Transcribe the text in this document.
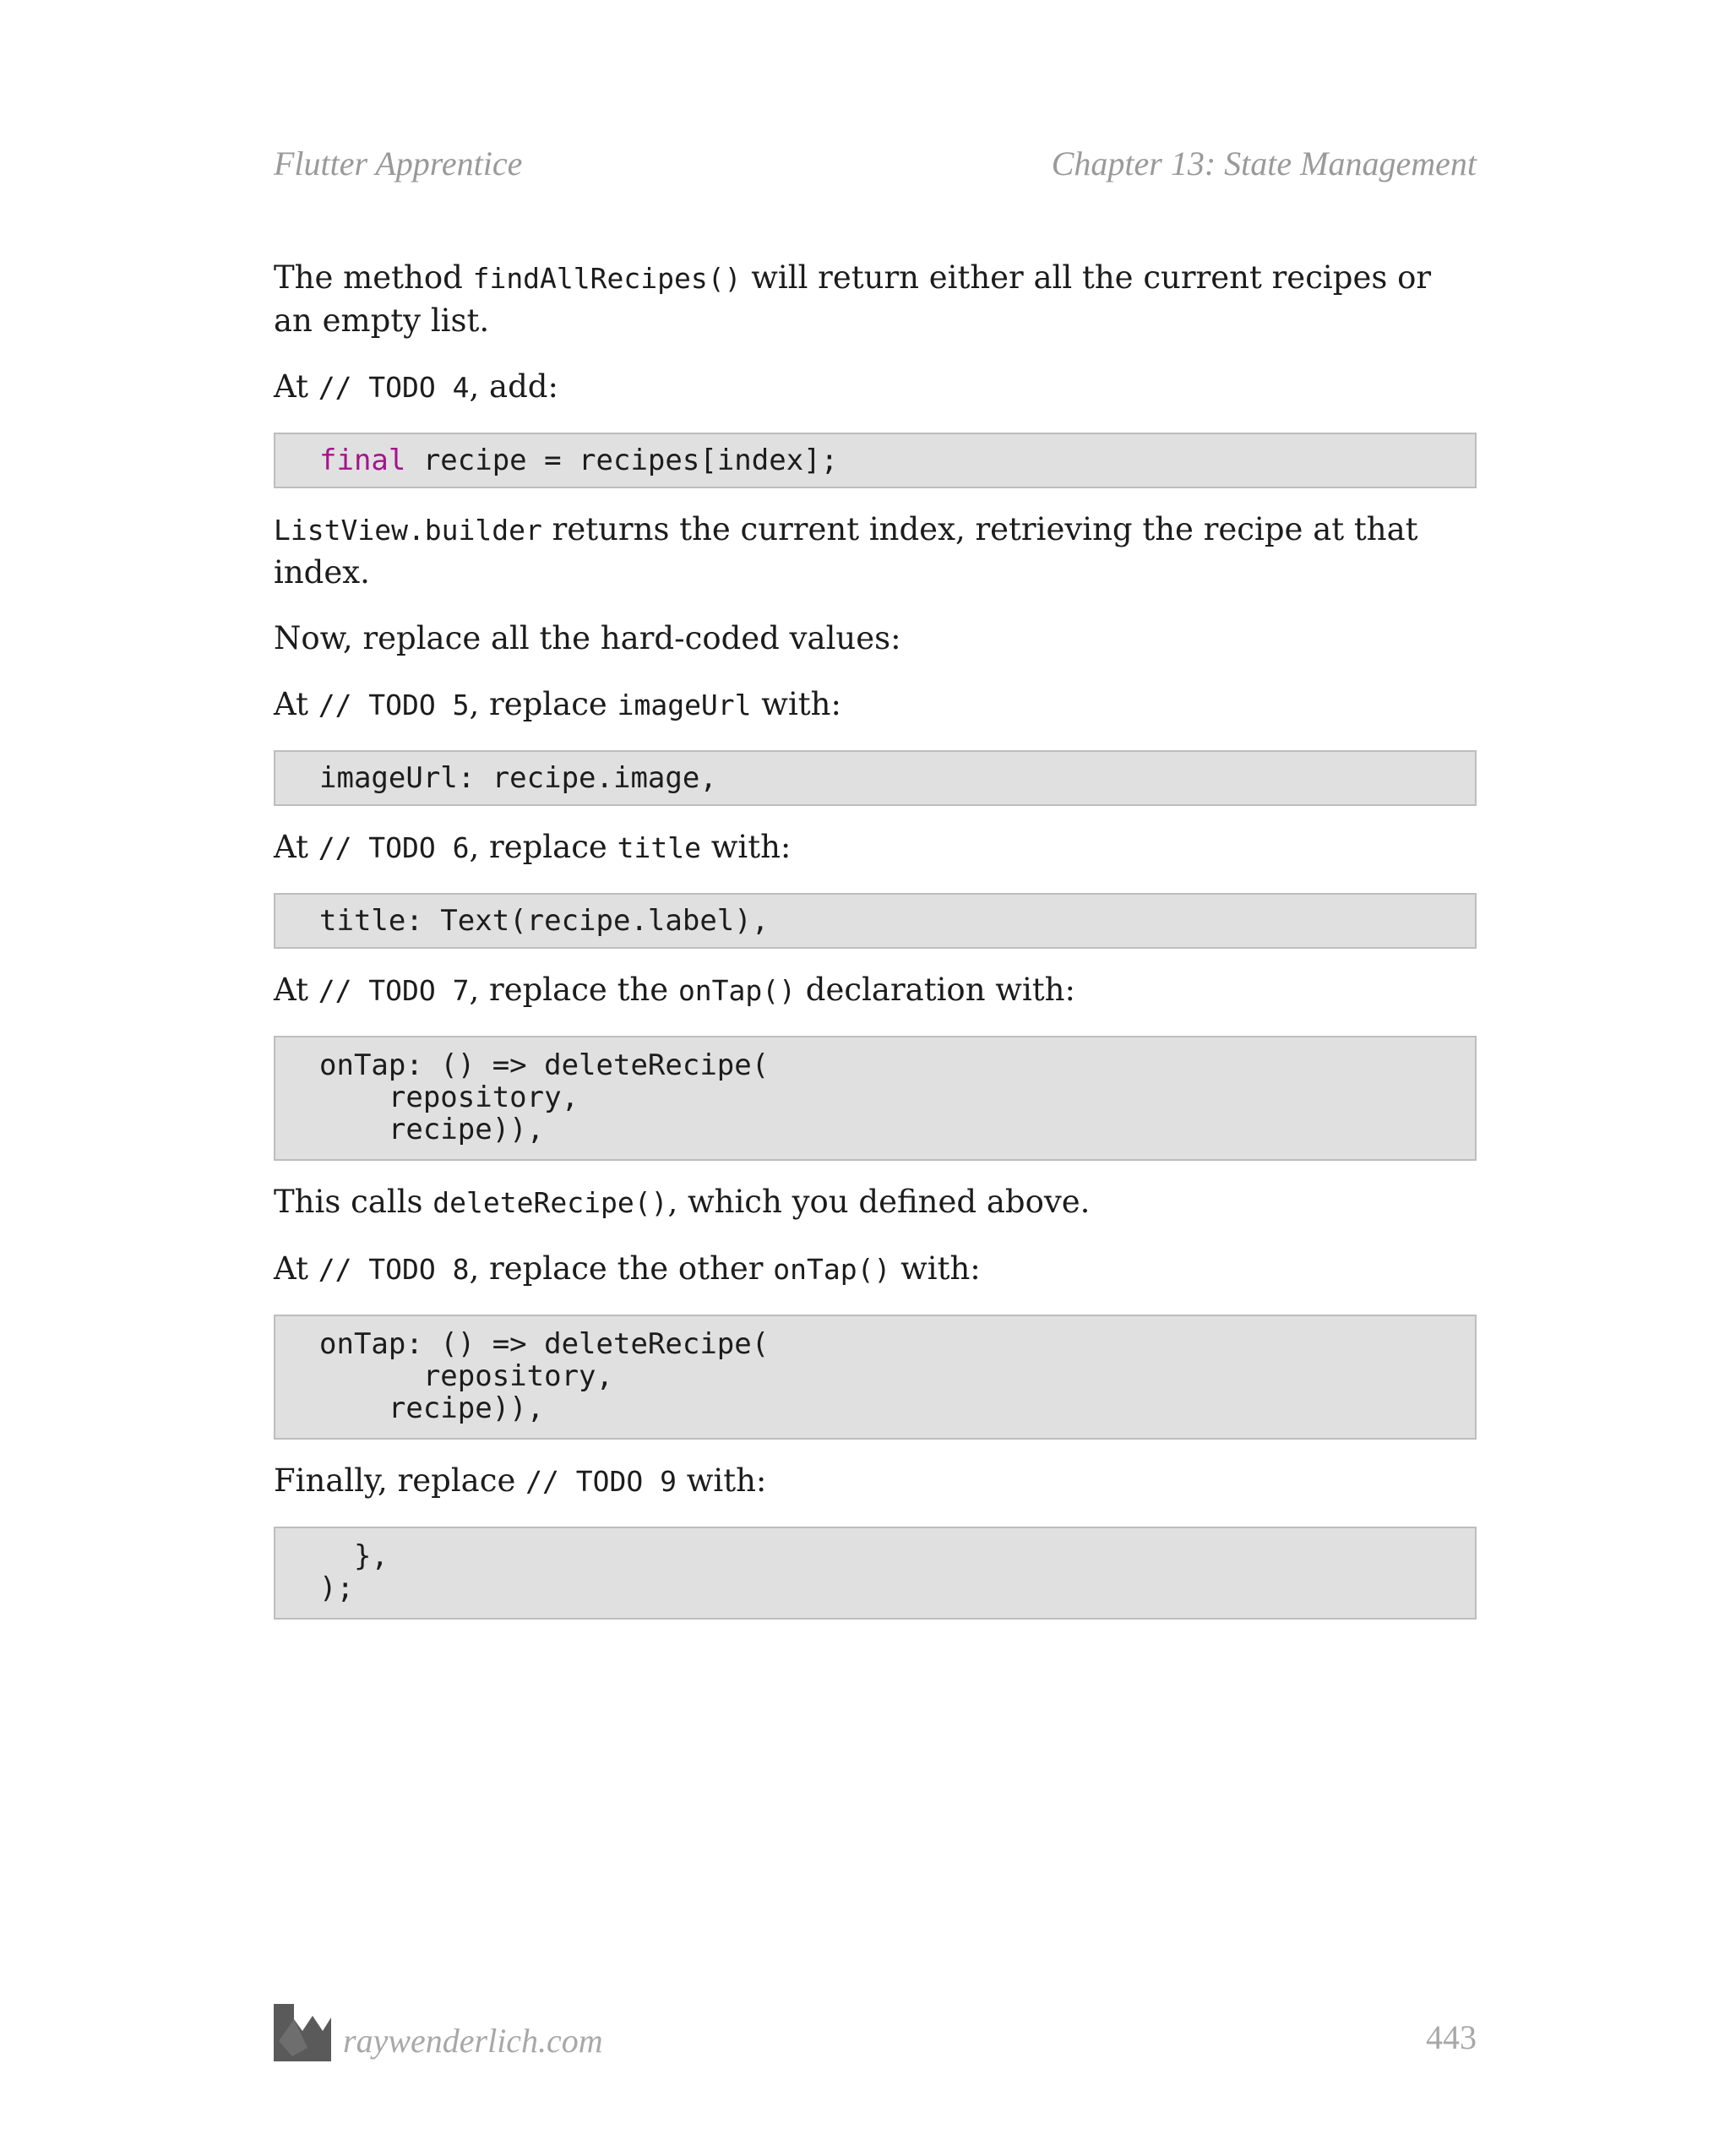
Flutter Apprentice	Chapter 13: State Management

The method findAllRecipes() will return either all the current recipes or an empty list.

At // TODO 4, add:

final recipe = recipes[index];

ListView.builder returns the current index, retrieving the recipe at that index.

Now, replace all the hard-coded values:

At // TODO 5, replace imageUrl with:

imageUrl: recipe.image,

At // TODO 6, replace title with:

title: Text(recipe.label),

At // TODO 7, replace the onTap() declaration with:

onTap: () => deleteRecipe(
repository,
recipe)),

This calls deleteRecipe(), which you defined above.

At // TODO 8, replace the other onTap() with:

onTap: () => deleteRecipe(
repository,
recipe)),

Finally, replace // TODO 9 with:

},
);
raywenderlich.com	443
